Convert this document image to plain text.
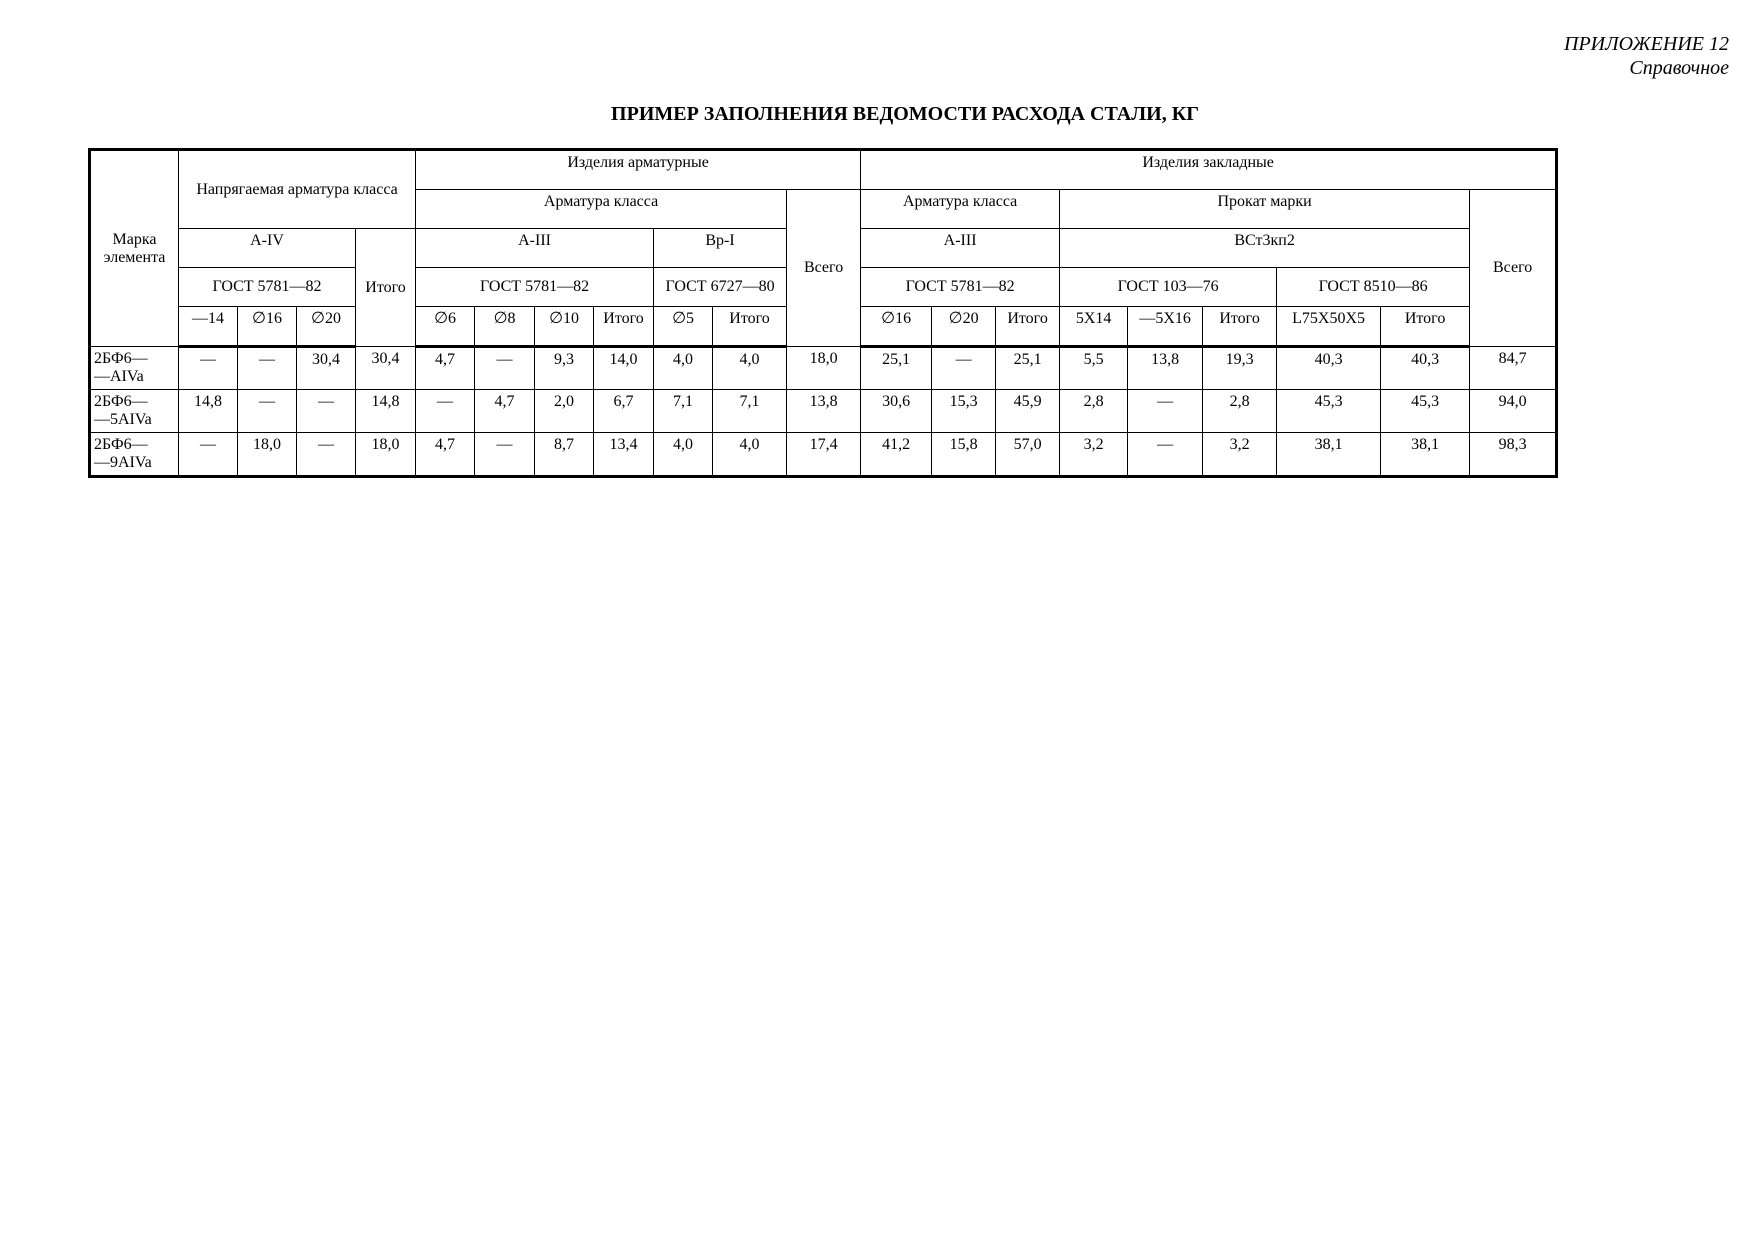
ПРИЛОЖЕНИЕ 12
Справочное
ПРИМЕР ЗАПОЛНЕНИЯ ВЕДОМОСТИ РАСХОДА СТАЛИ, КГ
Марка элемента	Напрягаемая арматура класса				Изделия арматурные							Изделия закладные								
					Арматура класса						Всего	Арматура класса			Прокат марки					Всего
	А-IV			Итого	А-III				Вр-I			А-III			ВСт3кп2					
	ГОСТ 5781—82				ГОСТ 5781—82				ГОСТ 6727—80			ГОСТ 5781—82			ГОСТ 103—76			ГОСТ 8510—86		
	—14	∅16	∅20		∅6	∅8	∅10	Итого	∅5	Итого		∅16	∅20	Итого	5Х14	—5Х16	Итого	L75Х50Х5	Итого	
2БФ6—
—AIVa	—	—	30,4	30,4	4,7	—	9,3	14,0	4,0	4,0	18,0	25,1	—	25,1	5,5	13,8	19,3	40,3	40,3	84,7
2БФ6—
—5AIVa	14,8	—	—	14,8	—	4,7	2,0	6,7	7,1	7,1	13,8	30,6	15,3	45,9	2,8	—	2,8	45,3	45,3	94,0
2БФ6—
—9AIVa	—	18,0	—	18,0	4,7	—	8,7	13,4	4,0	4,0	17,4	41,2	15,8	57,0	3,2	—	3,2	38,1	38,1	98,3
